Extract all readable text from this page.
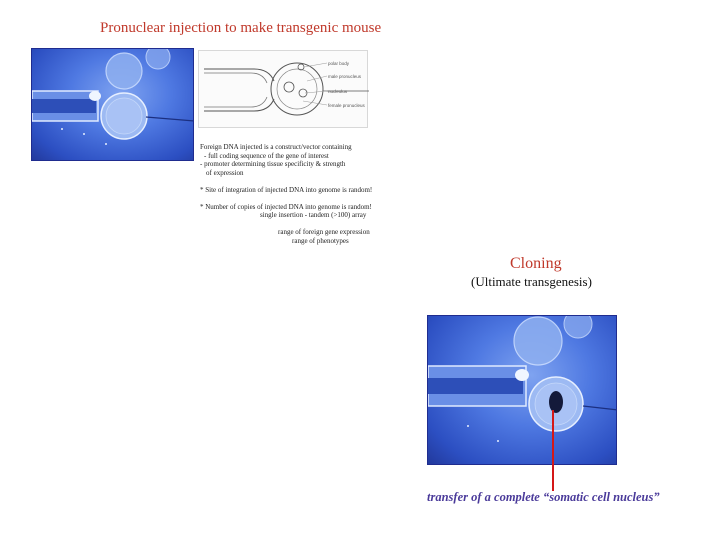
Pronuclear injection to make transgenic mouse
polar body
male pronucleus
nucleolus
female pronucleus
Foreign DNA injected is a construct/vector containing
- full coding sequence of the gene of interest
- promoter determining tissue specificity & strength
of expression

* Site of integration of injected DNA into genome is random!

* Number of copies of injected DNA into genome is random!
single insertion - tandem (>100) array

range of foreign gene expression
range of phenotypes
Cloning
(Ultimate transgenesis)
transfer of a complete “somatic cell nucleus”
